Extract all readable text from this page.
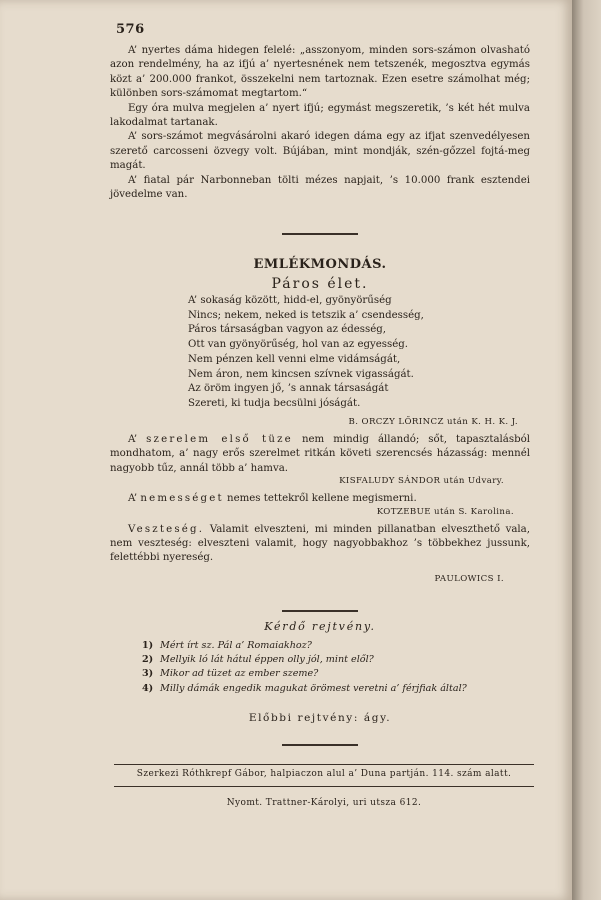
576

A’ nyertes dáma hidegen felelé: „asszonyom, minden sors-számon olvasható azon rendelmény, ha az ifjú a’ nyertesnének nem tetszenék, megosztva egymás közt a’ 200.000 frankot, összekelni nem tartoznak. Ezen esetre számolhat még; különben sors-számomat megtartom.“

Egy óra mulva megjelen a’ nyert ifjú; egymást megszeretik, ’s két hét mulva lakodalmat tartanak.

A’ sors-számot megvásárolni akaró idegen dáma egy az ifjat szenvedélyesen szerető carcosseni özvegy volt. Bújában, mint mondják, szén-gőzzel fojtá-meg magát.

A’ fiatal pár Narbonneban tölti mézes napjait, ’s 10.000 frank esztendei jövedelme van.

EMLÉKMONDÁS.
Páros élet.
A’ sokaság között, hidd-el, gyönyörűség
Nincs; nekem, neked is tetszik a’ csendesség,
Páros társaságban vagyon az édesség,
Ott van gyönyörűség, hol van az egyesség.
Nem pénzen kell venni elme vidámságát,
Nem áron, nem kincsen szívnek vigasságát.
Az öröm ingyen jő, ’s annak társaságát
Szereti, ki tudja becsülni jóságát.
B. ORCZY LŐRINCZ után K. H. K. J.

A’ szerelem első tüze nem mindig állandó; sőt, tapasztalásból mondhatom, a’ nagy erős szerelmet ritkán követi szerencsés házasság: mennél nagyobb tűz, annál több a’ hamva.

KISFALUDY SÁNDOR után Udvary.

A’ nemességet nemes tettekről kellene megismerni.

KOTZEBUE után S. Karolina.

Veszteség. Valamit elveszteni, mi minden pillanatban elveszthető vala, nem veszteség: elveszteni valamit, hogy nagyobbakhoz ’s többekhez jussunk, felettébbi nyereség.

PAULOWICS I.
Kérdő rejtvény.
1) Mért írt sz. Pál a’ Romaiakhoz?
2) Mellyik ló lát hátul éppen olly jól, mint elől?
3) Mikor ad tüzet az ember szeme?
4) Milly dámák engedik magukat örömest veretni a’ férjfiak által?
Előbbi rejtvény: ágy.
Szerkezi Róthkrepf Gábor, halpiaczon alul a’ Duna partján. 114. szám alatt.
Nyomt. Trattner-Károlyi, uri utsza 612.
